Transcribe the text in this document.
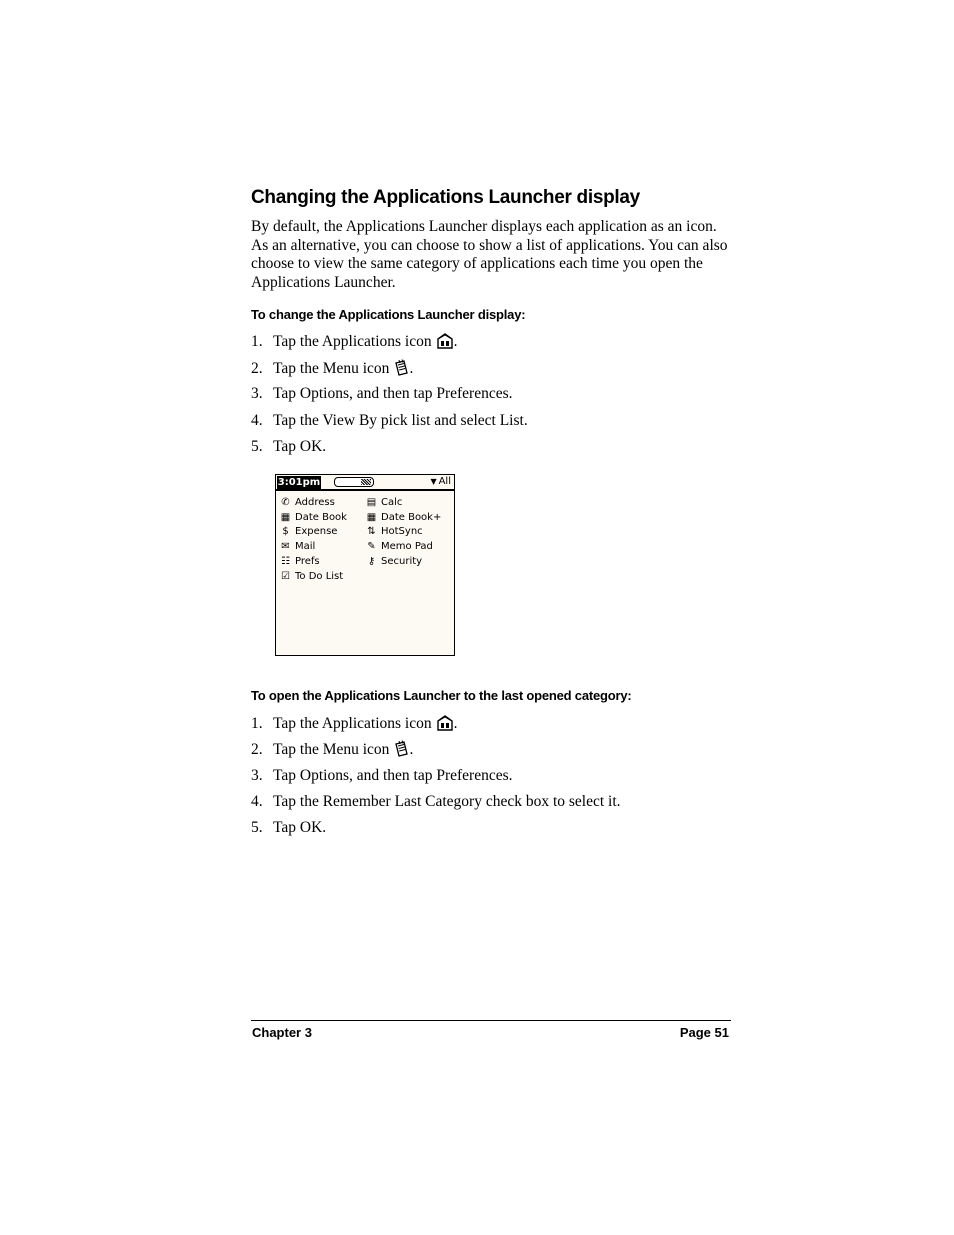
Changing the Applications Launcher display

By default, the Applications Launcher displays each application as an icon. As an alternative, you can choose to show a list of applications. You can also choose to view the same category of applications each time you open the Applications Launcher.

To change the Applications Launcher display:

1. Tap the Applications icon .
2. Tap the Menu icon .
3. Tap Options, and then tap Preferences.
4. Tap the View By pick list and select List.
5. Tap OK.
3:01pm	▼ All
✆ Address
▦ Date Book
$ Expense
✉ Mail
☷ Prefs
☑ To Do List
▤ Calc
▦ Date Book+
⇅ HotSync
✎ Memo Pad
⚷ Security

To open the Applications Launcher to the last opened category:

1. Tap the Applications icon .
2. Tap the Menu icon .
3. Tap Options, and then tap Preferences.
4. Tap the Remember Last Category check box to select it.
5. Tap OK.
Chapter 3	Page 51
